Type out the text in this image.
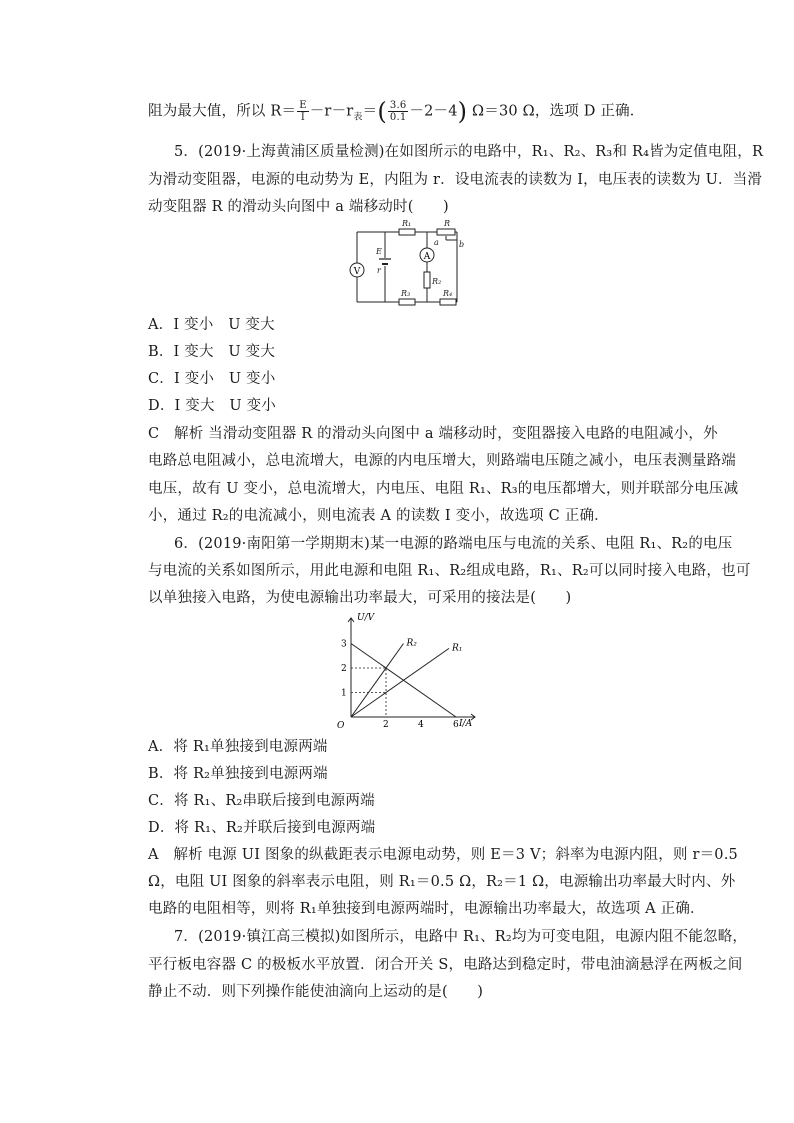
阻为最大值，所以 $R= \frac{E}{I} -r-r_表=( \frac{3.6}{0.1} -2-4)$ Ω＝30 Ω，选项 D 正确．
5．(2019·上海黄浦区质量检测)在如图所示的电路中，R₁、R₂、R₃和 R₄皆为定值电阻，R
为滑动变阻器，电源的电动势为 E，内阻为 r．设电流表的读数为 I，电压表的读数为 U．当滑
动变阻器 R 的滑动头向图中 a 端移动时(　　)
V
A
E
r
R₁	R
a	b
R₂
R₃	R₄
A．I 变小　U 变大
B．I 变大　U 变大
C．I 变小　U 变小
D．I 变大　U 变小
C　解析 当滑动变阻器 R 的滑动头向图中 a 端移动时，变阻器接入电路的电阻减小，外
电路总电阻减小，总电流增大，电源的内电压增大，则路端电压随之减小，电压表测量路端
电压，故有 U 变小，总电流增大，内电压、电阻 R₁、R₃的电压都增大，则并联部分电压减
小，通过 R₂的电流减小，则电流表 A 的读数 I 变小，故选项 C 正确．
6．(2019·南阳第一学期期末)某一电源的路端电压与电流的关系、电阻 R₁、R₂的电压
与电流的关系如图所示，用此电源和电阻 R₁、R₂组成电路，R₁、R₂可以同时接入电路，也可
以单独接入电路，为使电源输出功率最大，可采用的接法是(　　)
R₂	R₁
2	4	6
1
2
3
O
U/V
I/A
A．将 R₁单独接到电源两端
B．将 R₂单独接到电源两端
C．将 R₁、R₂串联后接到电源两端
D．将 R₁、R₂并联后接到电源两端
A　解析 电源 UI 图象的纵截距表示电源电动势，则 E＝3 V；斜率为电源内阻，则 r＝0.5
Ω，电阻 UI 图象的斜率表示电阻，则 R₁＝0.5 Ω，R₂＝1 Ω，电源输出功率最大时内、外
电路的电阻相等，则将 R₁单独接到电源两端时，电源输出功率最大，故选项 A 正确．
7．(2019·镇江高三模拟)如图所示，电路中 R₁、R₂均为可变电阻，电源内阻不能忽略，
平行板电容器 C 的极板水平放置．闭合开关 S，电路达到稳定时，带电油滴悬浮在两板之间
静止不动．则下列操作能使油滴向上运动的是(　　)
